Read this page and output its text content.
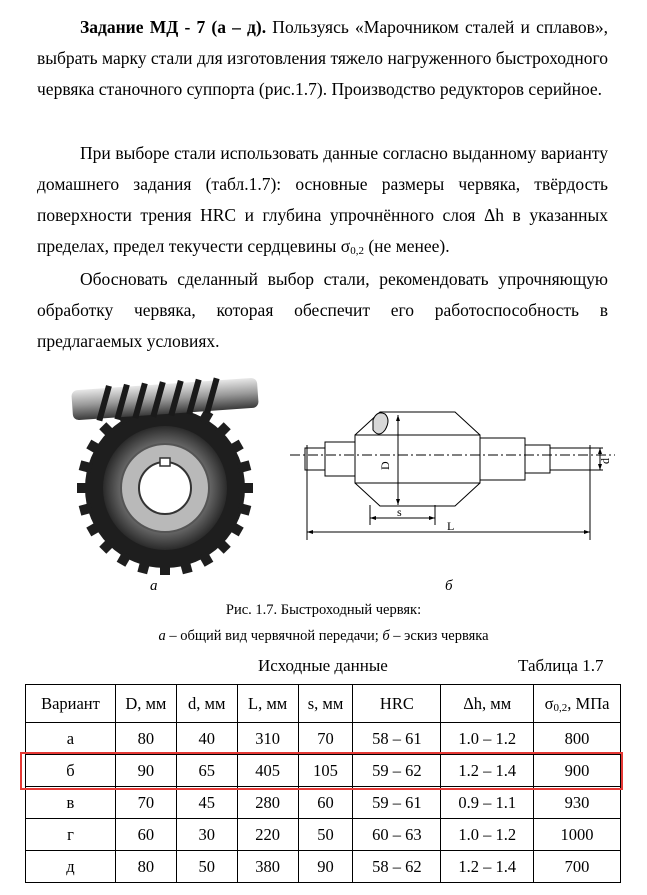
Задание МД - 7 (а – д). Пользуясь «Марочником сталей и сплавов», выбрать марку стали для изготовления тяжело нагруженного быстроходного червяка станочного суппорта (рис.1.7). Производство редукторов серийное.

При выборе стали использовать данные согласно выданному варианту домашнего задания (табл.1.7): основные размеры червяка, твёрдость поверхности трения HRC и глубина упрочнённого слоя Δh в указанных пределах, предел текучести сердцевины $\sigma_{0,2}$ (не менее).

Обосновать сделанный выбор стали, рекомендовать упрочняющую обработку червяка, которая обеспечит его работоспособность в предлагаемых условиях.

D
d
s
L
а	б
Рис. 1.7. Быстроходный червяк:
а – общий вид червячной передачи; б – эскиз червяка
Исходные данные	Таблица 1.7
Вариант	D, мм	d, мм	L, мм	s, мм	HRC	Δh, мм	$\sigma_{0,2}$, МПа
а	80	40	310	70	58 – 61	1.0 – 1.2	800
б	90	65	405	105	59 – 62	1.2 – 1.4	900
в	70	45	280	60	59 – 61	0.9 – 1.1	930
г	60	30	220	50	60 – 63	1.0 – 1.2	1000
д	80	50	380	90	58 – 62	1.2 – 1.4	700
